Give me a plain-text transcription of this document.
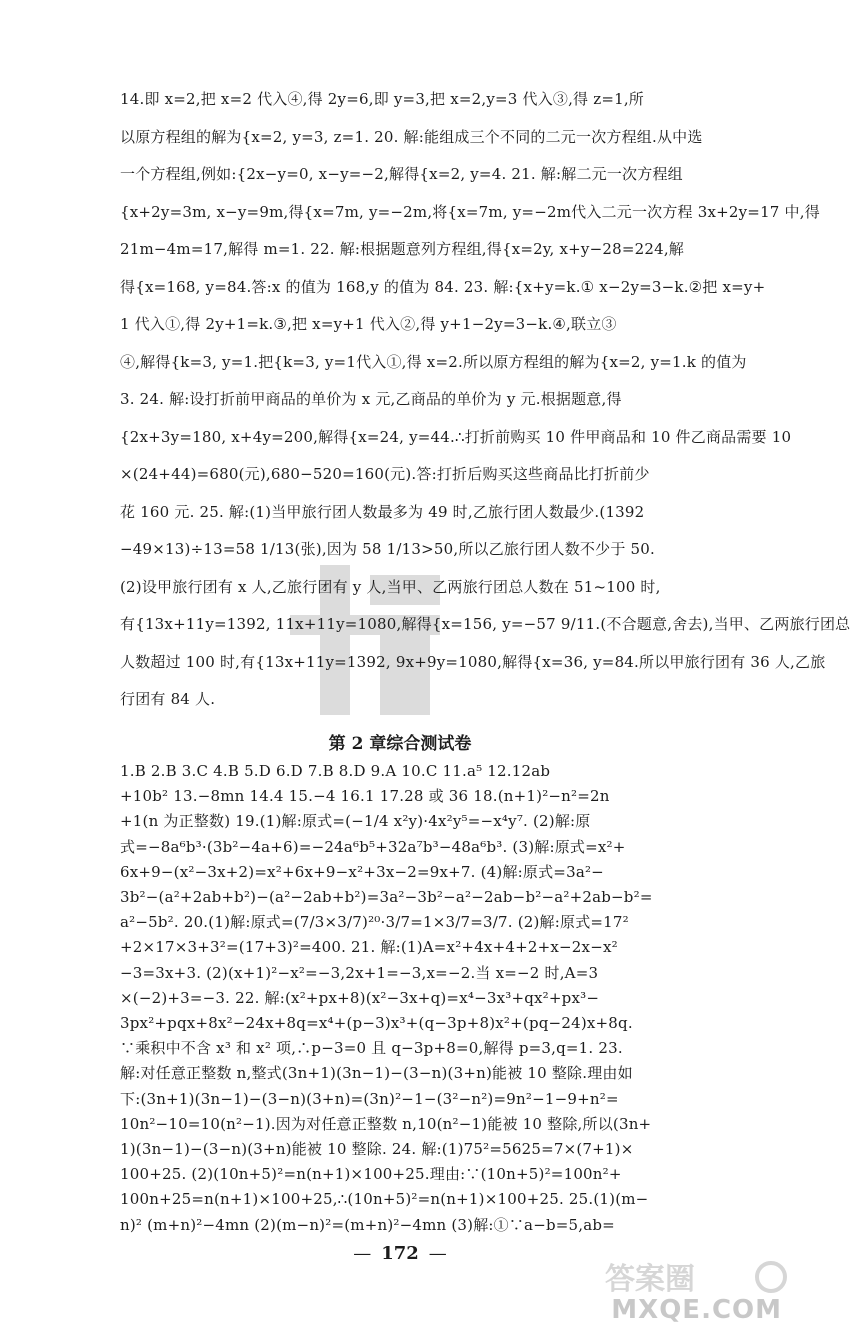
14.即 x=2,把 x=2 代入④,得 2y=6,即 y=3,把 x=2,y=3 代入③,得 z=1,所
以原方程组的解为{x=2, y=3, z=1. 20. 解:能组成三个不同的二元一次方程组.从中选
一个方程组,例如:{2x−y=0, x−y=−2,解得{x=2, y=4. 21. 解:解二元一次方程组
{x+2y=3m, x−y=9m,得{x=7m, y=−2m,将{x=7m, y=−2m代入二元一次方程 3x+2y=17 中,得
21m−4m=17,解得 m=1. 22. 解:根据题意列方程组,得{x=2y, x+y−28=224,解
得{x=168, y=84.答:x 的值为 168,y 的值为 84. 23. 解:{x+y=k.① x−2y=3−k.②把 x=y+
1 代入①,得 2y+1=k.③,把 x=y+1 代入②,得 y+1−2y=3−k.④,联立③
④,解得{k=3, y=1.把{k=3, y=1代入①,得 x=2.所以原方程组的解为{x=2, y=1.k 的值为
3. 24. 解:设打折前甲商品的单价为 x 元,乙商品的单价为 y 元.根据题意,得
{2x+3y=180, x+4y=200,解得{x=24, y=44.∴打折前购买 10 件甲商品和 10 件乙商品需要 10
×(24+44)=680(元),680−520=160(元).答:打折后购买这些商品比打折前少
花 160 元. 25. 解:(1)当甲旅行团人数最多为 49 时,乙旅行团人数最少.(1392
−49×13)÷13=58 1/13(张),因为 58 1/13>50,所以乙旅行团人数不少于 50.
(2)设甲旅行团有 x 人,乙旅行团有 y 人,当甲、乙两旅行团总人数在 51~100 时,
有{13x+11y=1392, 11x+11y=1080,解得{x=156, y=−57 9/11.(不合题意,舍去),当甲、乙两旅行团总
人数超过 100 时,有{13x+11y=1392, 9x+9y=1080,解得{x=36, y=84.所以甲旅行团有 36 人,乙旅
行团有 84 人.
第 2 章综合测试卷
1.B 2.B 3.C 4.B 5.D 6.D 7.B 8.D 9.A 10.C 11.a⁵ 12.12ab
+10b² 13.−8mn 14.4 15.−4 16.1 17.28 或 36 18.(n+1)²−n²=2n
+1(n 为正整数) 19.(1)解:原式=(−1/4 x²y)·4x²y⁵=−x⁴y⁷. (2)解:原
式=−8a⁶b³·(3b²−4a+6)=−24a⁶b⁵+32a⁷b³−48a⁶b³. (3)解:原式=x²+
6x+9−(x²−3x+2)=x²+6x+9−x²+3x−2=9x+7. (4)解:原式=3a²−
3b²−(a²+2ab+b²)−(a²−2ab+b²)=3a²−3b²−a²−2ab−b²−a²+2ab−b²=
a²−5b². 20.(1)解:原式=(7/3×3/7)²⁰·3/7=1×3/7=3/7. (2)解:原式=17²
+2×17×3+3²=(17+3)²=400. 21. 解:(1)A=x²+4x+4+2+x−2x−x²
−3=3x+3. (2)(x+1)²−x²=−3,2x+1=−3,x=−2.当 x=−2 时,A=3
×(−2)+3=−3. 22. 解:(x²+px+8)(x²−3x+q)=x⁴−3x³+qx²+px³−
3px²+pqx+8x²−24x+8q=x⁴+(p−3)x³+(q−3p+8)x²+(pq−24)x+8q.
∵乘积中不含 x³ 和 x² 项,∴p−3=0 且 q−3p+8=0,解得 p=3,q=1. 23.
解:对任意正整数 n,整式(3n+1)(3n−1)−(3−n)(3+n)能被 10 整除.理由如
下:(3n+1)(3n−1)−(3−n)(3+n)=(3n)²−1−(3²−n²)=9n²−1−9+n²=
10n²−10=10(n²−1).因为对任意正整数 n,10(n²−1)能被 10 整除,所以(3n+
1)(3n−1)−(3−n)(3+n)能被 10 整除. 24. 解:(1)75²=5625=7×(7+1)×
100+25. (2)(10n+5)²=n(n+1)×100+25.理由:∵(10n+5)²=100n²+
100n+25=n(n+1)×100+25,∴(10n+5)²=n(n+1)×100+25. 25.(1)(m−
n)² (m+n)²−4mn (2)(m−n)²=(m+n)²−4mn (3)解:①∵a−b=5,ab=
— 172 —
答案圈
MXQE.COM
